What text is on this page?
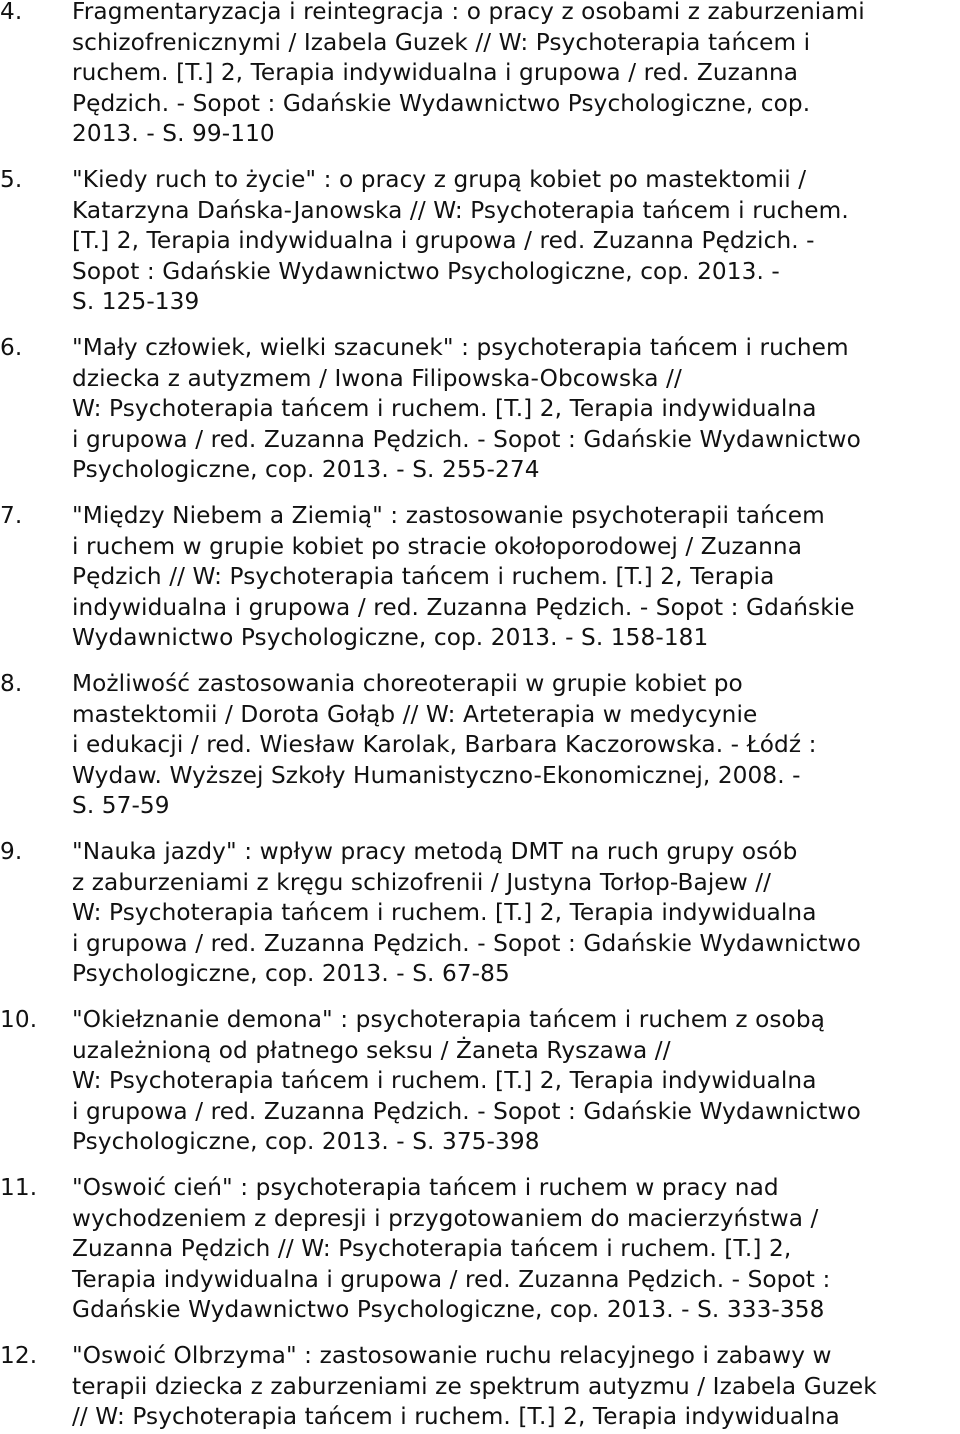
4. Fragmentaryzacja i reintegracja : o pracy z osobami z zaburzeniami
schizofrenicznymi / Izabela Guzek // W: Psychoterapia tańcem i
ruchem. [T.] 2, Terapia indywidualna i grupowa / red. Zuzanna
Pędzich. - Sopot : Gdańskie Wydawnictwo Psychologiczne, cop.
2013. - S. 99-110
5. "Kiedy ruch to życie" : o pracy z grupą kobiet po mastektomii /
Katarzyna Dańska-Janowska // W: Psychoterapia tańcem i ruchem.
[T.] 2, Terapia indywidualna i grupowa / red. Zuzanna Pędzich. -
Sopot : Gdańskie Wydawnictwo Psychologiczne, cop. 2013. -
S. 125-139
6. "Mały człowiek, wielki szacunek" : psychoterapia tańcem i ruchem
dziecka z autyzmem / Iwona Filipowska-Obcowska //
W: Psychoterapia tańcem i ruchem. [T.] 2, Terapia indywidualna
i grupowa / red. Zuzanna Pędzich. - Sopot : Gdańskie Wydawnictwo
Psychologiczne, cop. 2013. - S. 255-274
7. "Między Niebem a Ziemią" : zastosowanie psychoterapii tańcem
i ruchem w grupie kobiet po stracie okołoporodowej / Zuzanna
Pędzich // W: Psychoterapia tańcem i ruchem. [T.] 2, Terapia
indywidualna i grupowa / red. Zuzanna Pędzich. - Sopot : Gdańskie
Wydawnictwo Psychologiczne, cop. 2013. - S. 158-181
8. Możliwość zastosowania choreoterapii w grupie kobiet po
mastektomii / Dorota Gołąb // W: Arteterapia w medycynie
i edukacji / red. Wiesław Karolak, Barbara Kaczorowska. - Łódź :
Wydaw. Wyższej Szkoły Humanistyczno-Ekonomicznej, 2008. -
S. 57-59
9. "Nauka jazdy" : wpływ pracy metodą DMT na ruch grupy osób
z zaburzeniami z kręgu schizofrenii / Justyna Torłop-Bajew //
W: Psychoterapia tańcem i ruchem. [T.] 2, Terapia indywidualna
i grupowa / red. Zuzanna Pędzich. - Sopot : Gdańskie Wydawnictwo
Psychologiczne, cop. 2013. - S. 67-85
10. "Okiełznanie demona" : psychoterapia tańcem i ruchem z osobą
uzależnioną od płatnego seksu / Żaneta Ryszawa //
W: Psychoterapia tańcem i ruchem. [T.] 2, Terapia indywidualna
i grupowa / red. Zuzanna Pędzich. - Sopot : Gdańskie Wydawnictwo
Psychologiczne, cop. 2013. - S. 375-398
11. "Oswoić cień" : psychoterapia tańcem i ruchem w pracy nad
wychodzeniem z depresji i przygotowaniem do macierzyństwa /
Zuzanna Pędzich // W: Psychoterapia tańcem i ruchem. [T.] 2,
Terapia indywidualna i grupowa / red. Zuzanna Pędzich. - Sopot :
Gdańskie Wydawnictwo Psychologiczne, cop. 2013. - S. 333-358
12. "Oswoić Olbrzyma" : zastosowanie ruchu relacyjnego i zabawy w
terapii dziecka z zaburzeniami ze spektrum autyzmu / Izabela Guzek
// W: Psychoterapia tańcem i ruchem. [T.] 2, Terapia indywidualna
